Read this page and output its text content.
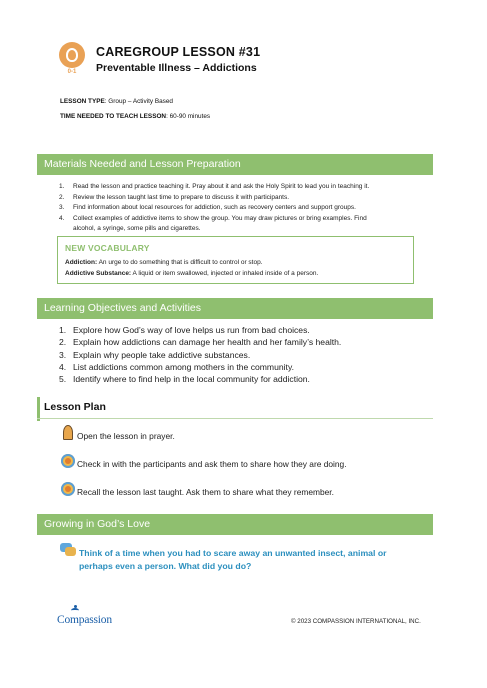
0-1
CAREGROUP LESSON #31
Preventable Illness – Addictions
LESSON TYPE: Group – Activity Based
TIME NEEDED TO TEACH LESSON: 60-90 minutes
Materials Needed and Lesson Preparation
1. Read the lesson and practice teaching it. Pray about it and ask the Holy Spirit to lead you in teaching it.
2. Review the lesson taught last time to prepare to discuss it with participants.
3. Find information about local resources for addiction, such as recovery centers and support groups.
4. Collect examples of addictive items to show the group. You may draw pictures or bring examples. Find
alcohol, a syringe, some pills and cigarettes.
NEW VOCABULARY
Addiction: An urge to do something that is difficult to control or stop.
Addictive Substance: A liquid or item swallowed, injected or inhaled inside of a person.
Learning Objectives and Activities
1. Explore how God’s way of love helps us run from bad choices.
2. Explain how addictions can damage her health and her family’s health.
3. Explain why people take addictive substances.
4. List addictions common among mothers in the community.
5. Identify where to find help in the local community for addiction.
Lesson Plan
Open the lesson in prayer.
Check in with the participants and ask them to share how they are doing.
Recall the lesson last taught. Ask them to share what they remember.
Growing in God’s Love
Think of a time when you had to scare away an unwanted insect, animal or perhaps even a person. What did you do?
Compassion	© 2023 COMPASSION INTERNATIONAL, INC.
